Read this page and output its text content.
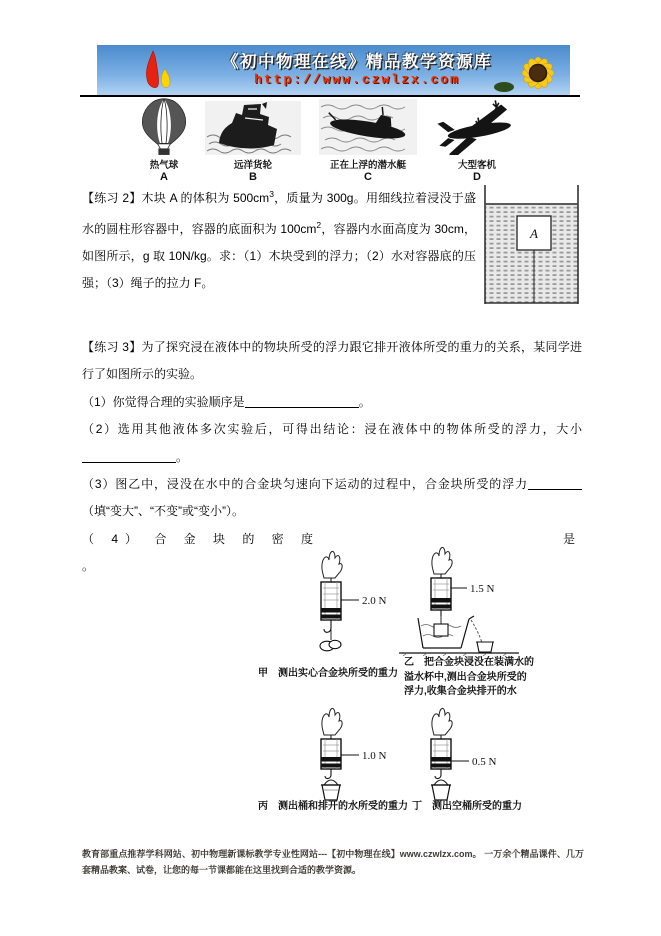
《初中物理在线》精品教学资源库
http://www.czwlzx.com
热气球
A
远洋货轮
B
正在上浮的潜水艇
C
大型客机
D
A
【练习 2】木块 A 的体积为 $500cm^3$，质量为 300g。用细线拉着浸没于盛水的圆柱形容器中，容器的底面积为 $100cm^2$，容器内水面高度为 30cm，如图所示，g 取 10N/kg。求：（1）木块受到的浮力；（2）水对容器底的压强；（3）绳子的拉力 F。

【练习 3】为了探究浸在液体中的物块所受的浮力跟它排开液体所受的重力的关系，某同学进行了如图所示的实验。

（1）你觉得合理的实验顺序是	。

（2）选用其他液体多次实验后，可得出结论：浸在液体中的物体所受的浮力，大小。

（3）图乙中，浸没在水中的合金块匀速向下运动的过程中，合金块所受的浮力（填“变大”、“不变”或“变小”）。

（ 4） 合 金 块 的 密 度	是

。

2.0 N
甲　测出实心合金块所受的重力
1.5 N
乙　把合金块浸没在装满水的
溢水杯中,测出合金块所受的
浮力,收集合金块排开的水
1.0 N
丙　测出桶和排开的水所受的重力
0.5 N
丁　测出空桶所受的重力
教育部重点推荐学科网站、初中物理新课标教学专业性网站---【初中物理在线】www.czwlzx.com。 一万余个精品课件、几万套精品教案、试卷，让您的每一节课都能在这里找到合适的教学资源。
